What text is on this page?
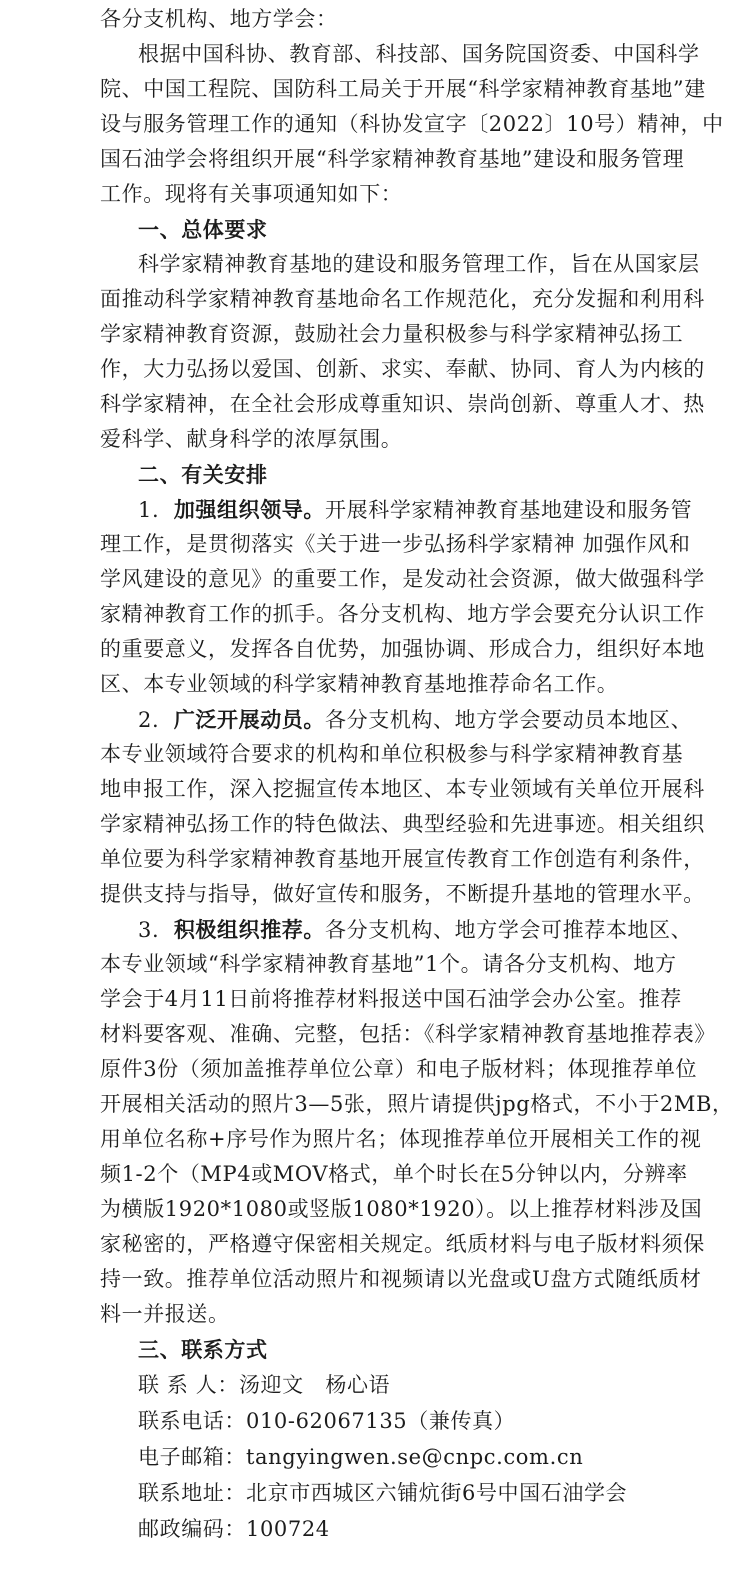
各分支机构、地方学会：
根据中国科协、教育部、科技部、国务院国资委、中国科学
院、中国工程院、国防科工局关于开展“科学家精神教育基地”建
设与服务管理工作的通知（科协发宣字〔2022〕10号）精神，中
国石油学会将组织开展“科学家精神教育基地”建设和服务管理
工作。现将有关事项通知如下：
一、总体要求
科学家精神教育基地的建设和服务管理工作，旨在从国家层
面推动科学家精神教育基地命名工作规范化，充分发掘和利用科
学家精神教育资源，鼓励社会力量积极参与科学家精神弘扬工
作，大力弘扬以爱国、创新、求实、奉献、协同、育人为内核的
科学家精神，在全社会形成尊重知识、崇尚创新、尊重人才、热
爱科学、献身科学的浓厚氛围。
二、有关安排
1. 加强组织领导。开展科学家精神教育基地建设和服务管
理工作，是贯彻落实《关于进一步弘扬科学家精神 加强作风和
学风建设的意见》的重要工作，是发动社会资源，做大做强科学
家精神教育工作的抓手。各分支机构、地方学会要充分认识工作
的重要意义，发挥各自优势，加强协调、形成合力，组织好本地
区、本专业领域的科学家精神教育基地推荐命名工作。
2. 广泛开展动员。各分支机构、地方学会要动员本地区、
本专业领域符合要求的机构和单位积极参与科学家精神教育基
地申报工作，深入挖掘宣传本地区、本专业领域有关单位开展科
学家精神弘扬工作的特色做法、典型经验和先进事迹。相关组织
单位要为科学家精神教育基地开展宣传教育工作创造有利条件，
提供支持与指导，做好宣传和服务，不断提升基地的管理水平。
3. 积极组织推荐。各分支机构、地方学会可推荐本地区、
本专业领域“科学家精神教育基地”1个。请各分支机构、地方
学会于4月11日前将推荐材料报送中国石油学会办公室。推荐
材料要客观、准确、完整，包括：《科学家精神教育基地推荐表》
原件3份（须加盖推荐单位公章）和电子版材料；体现推荐单位
开展相关活动的照片3—5张，照片请提供jpg格式，不小于2MB，
用单位名称+序号作为照片名；体现推荐单位开展相关工作的视
频1-2个（MP4或MOV格式，单个时长在5分钟以内，分辨率
为横版1920*1080或竖版1080*1920）。以上推荐材料涉及国
家秘密的，严格遵守保密相关规定。纸质材料与电子版材料须保
持一致。推荐单位活动照片和视频请以光盘或U盘方式随纸质材
料一并报送。
三、联系方式
联 系 人：汤迎文　杨心语
联系电话：010-62067135（兼传真）
电子邮箱：tangyingwen.se@cnpc.com.cn
联系地址：北京市西城区六铺炕街6号中国石油学会
邮政编码：100724
